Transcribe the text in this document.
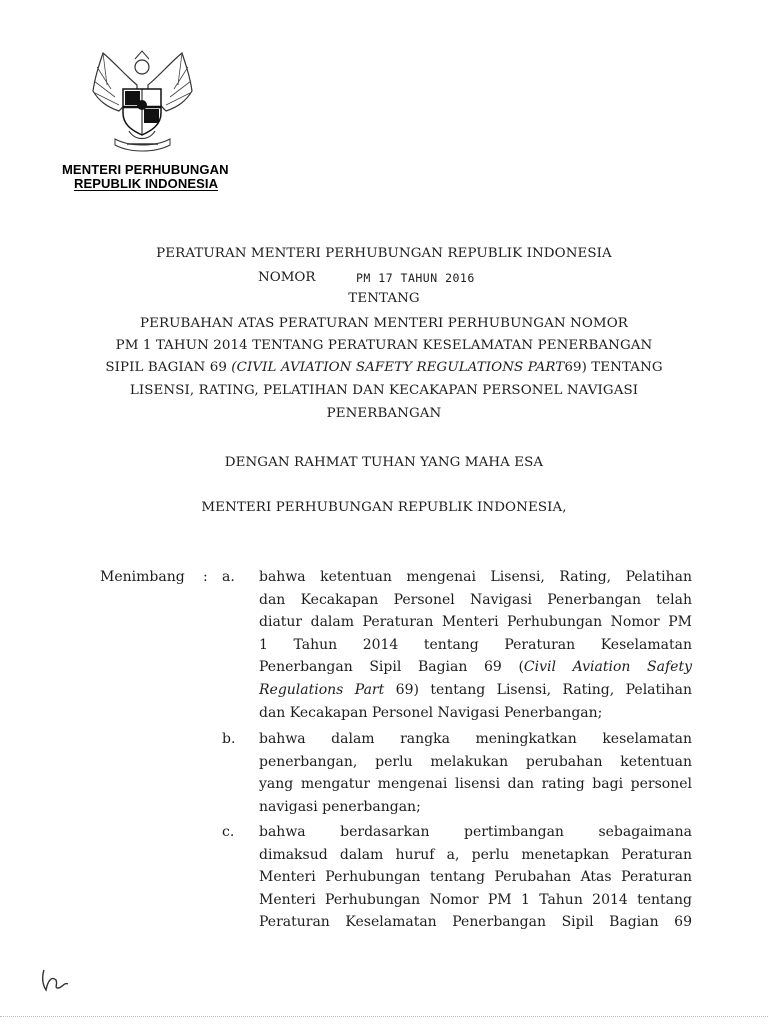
MENTERI PERHUBUNGAN
REPUBLIK INDONESIA
PERATURAN MENTERI PERHUBUNGAN REPUBLIK INDONESIA
NOMOR	PM 17 TAHUN 2016
TENTANG
PERUBAHAN ATAS PERATURAN MENTERI PERHUBUNGAN NOMOR
PM 1 TAHUN 2014 TENTANG PERATURAN KESELAMATAN PENERBANGAN
SIPIL BAGIAN 69 (CIVIL AVIATION SAFETY REGULATIONS PART69) TENTANG
LISENSI, RATING, PELATIHAN DAN KECAKAPAN PERSONEL NAVIGASI
PENERBANGAN
DENGAN RAHMAT TUHAN YANG MAHA ESA
MENTERI PERHUBUNGAN REPUBLIK INDONESIA,
Menimbang : a. bahwa ketentuan mengenai Lisensi, Rating, Pelatihan
dan Kecakapan Personel Navigasi Penerbangan telah
diatur dalam Peraturan Menteri Perhubungan Nomor PM
1 Tahun 2014 tentang Peraturan Keselamatan
Penerbangan Sipil Bagian 69 (Civil Aviation Safety
Regulations Part 69) tentang Lisensi, Rating, Pelatihan
dan Kecakapan Personel Navigasi Penerbangan;
b. bahwa dalam rangka meningkatkan keselamatan
penerbangan, perlu melakukan perubahan ketentuan
yang mengatur mengenai lisensi dan rating bagi personel
navigasi penerbangan;
c. bahwa berdasarkan pertimbangan sebagaimana
dimaksud dalam huruf a, perlu menetapkan Peraturan
Menteri Perhubungan tentang Perubahan Atas Peraturan
Menteri Perhubungan Nomor PM 1 Tahun 2014 tentang
Peraturan Keselamatan Penerbangan Sipil Bagian 69
